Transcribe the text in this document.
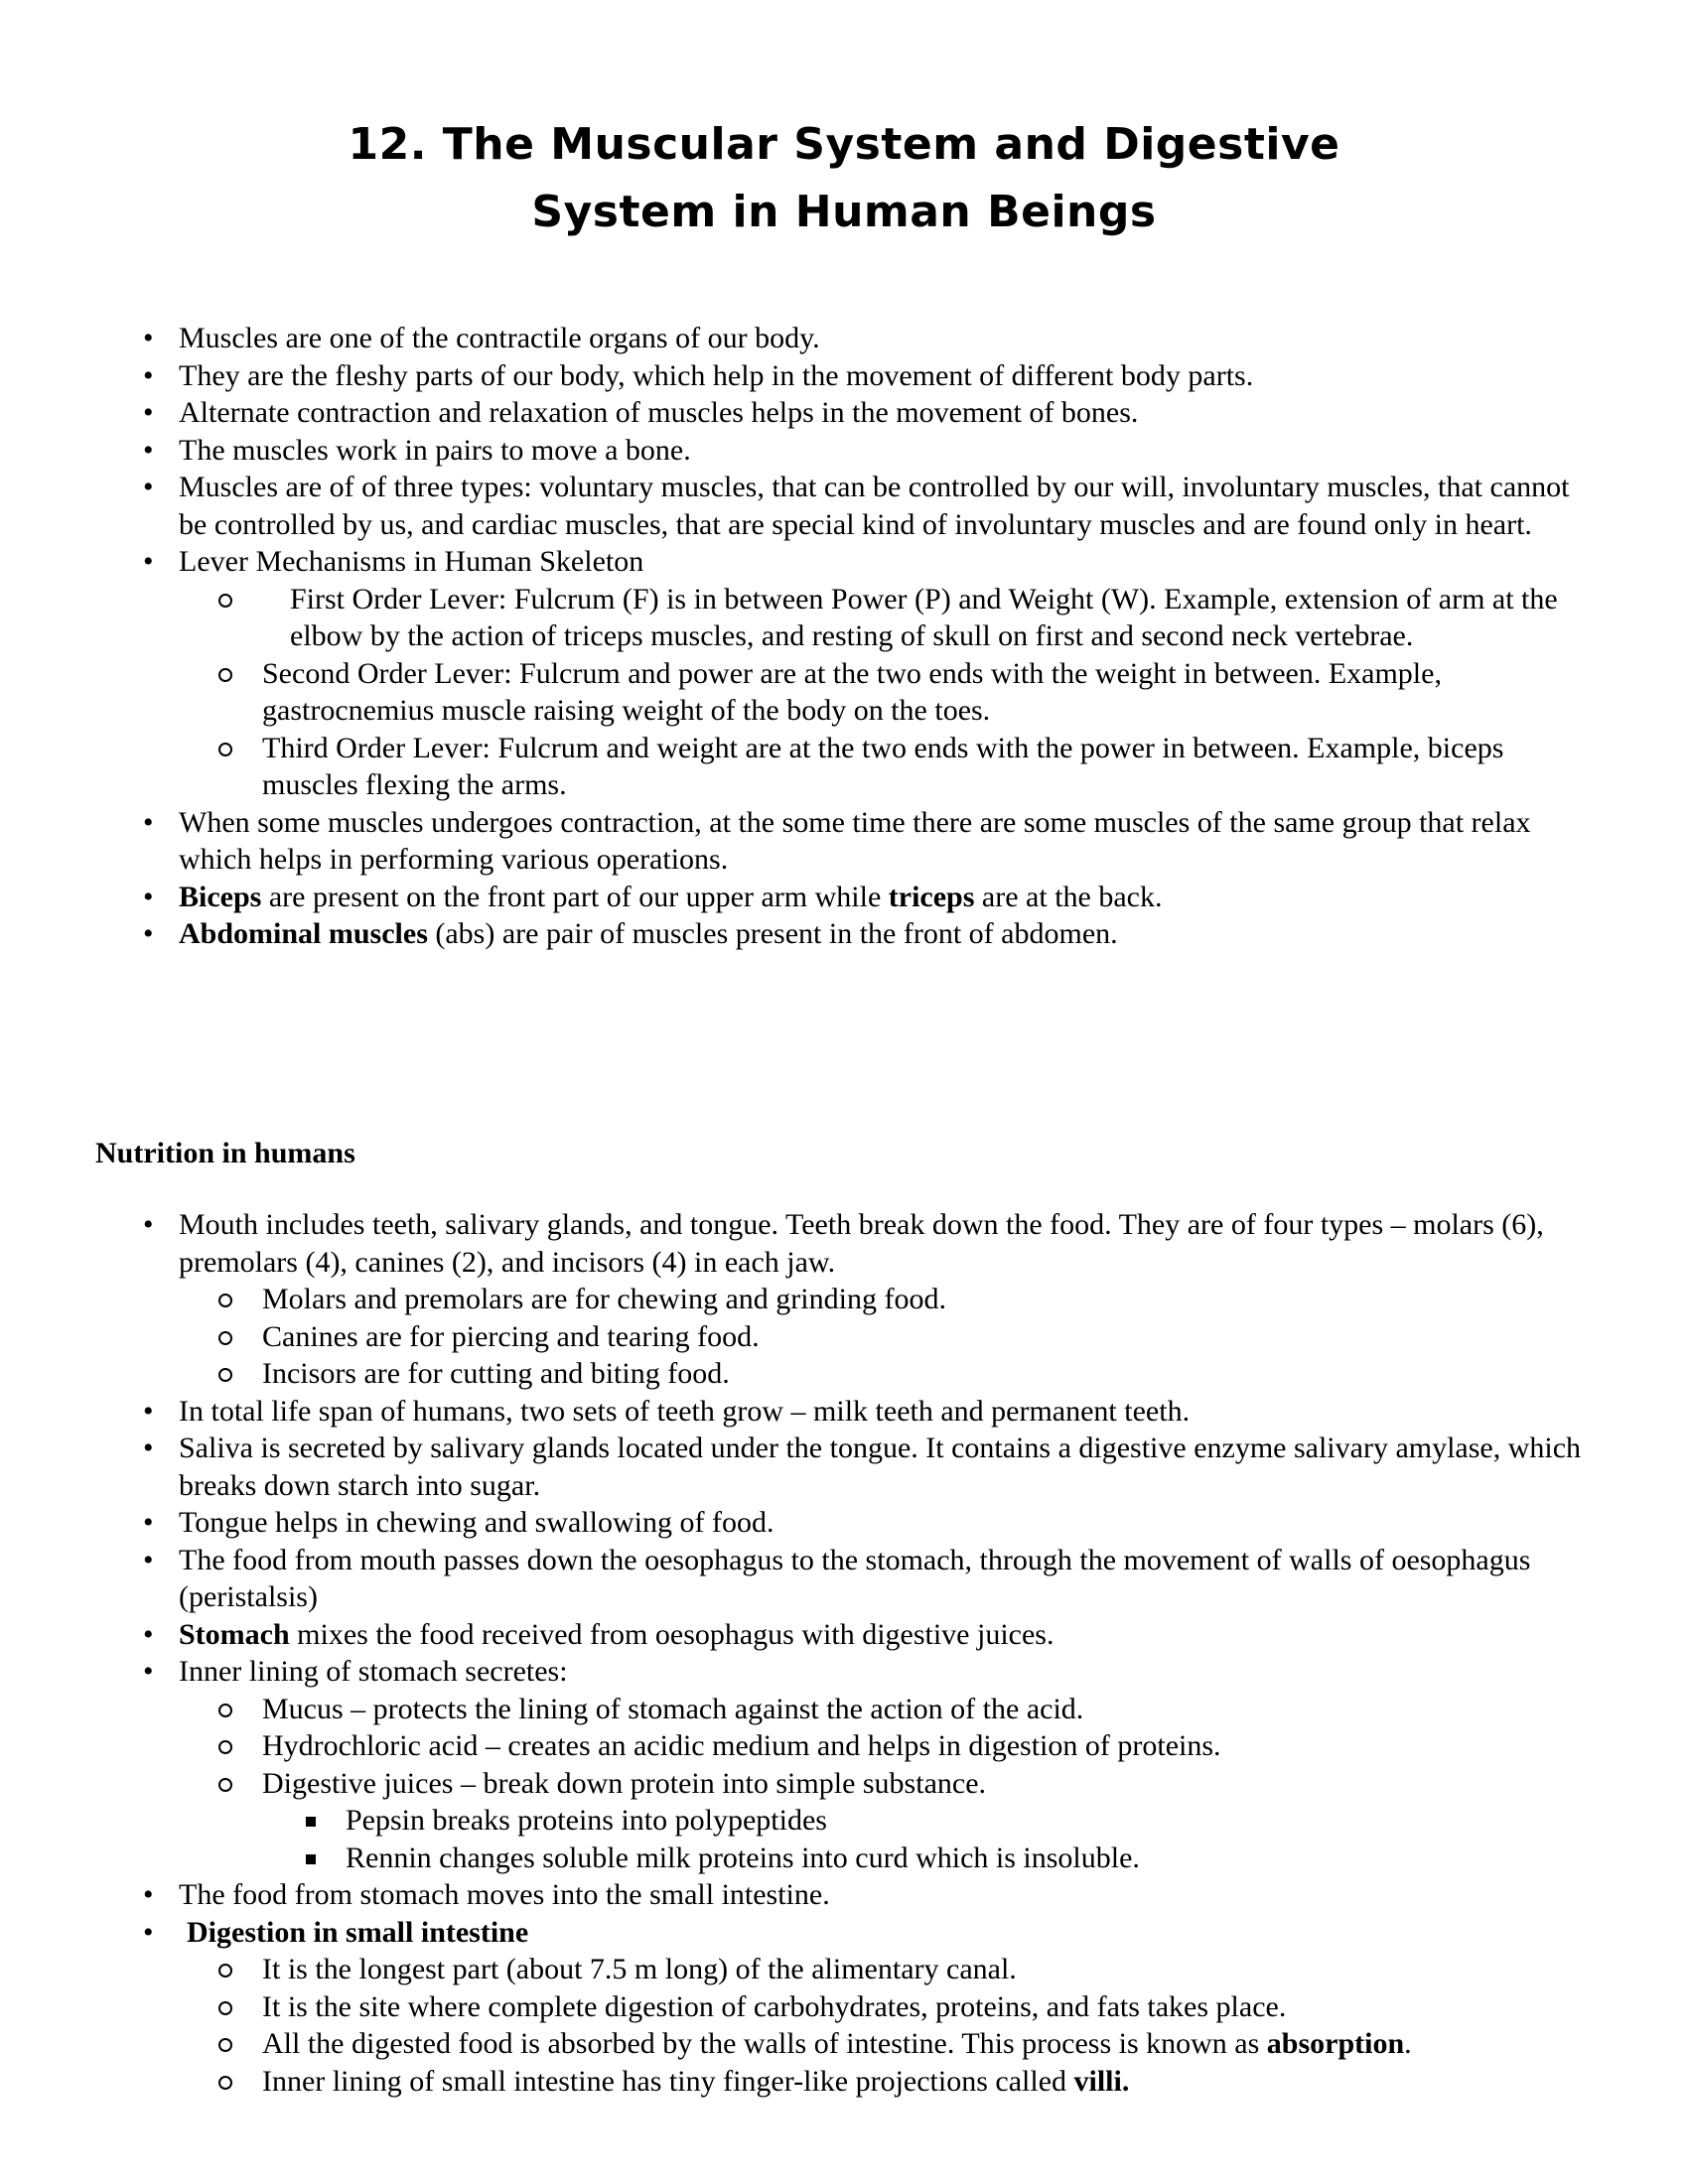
12. The Muscular System and Digestive
System in Human Beings
• Muscles are one of the contractile organs of our body.
• They are the fleshy parts of our body, which help in the movement of different body parts.
• Alternate contraction and relaxation of muscles helps in the movement of bones.
• The muscles work in pairs to move a bone.
• Muscles are of of three types: voluntary muscles, that can be controlled by our will, involuntary muscles, that cannot be controlled by us, and cardiac muscles, that are special kind of involuntary muscles and are found only in heart.
• Lever Mechanisms in Human Skeleton
First Order Lever: Fulcrum (F) is in between Power (P) and Weight (W). Example, extension of arm at the elbow by the action of triceps muscles, and resting of skull on first and second neck vertebrae.
Second Order Lever: Fulcrum and power are at the two ends with the weight in between. Example, gastrocnemius muscle raising weight of the body on the toes.
Third Order Lever: Fulcrum and weight are at the two ends with the power in between. Example, biceps muscles flexing the arms.
• When some muscles undergoes contraction, at the some time there are some muscles of the same group that relax which helps in performing various operations.
• Biceps are present on the front part of our upper arm while triceps are at the back.
• Abdominal muscles (abs) are pair of muscles present in the front of abdomen.
Nutrition in humans
• Mouth includes teeth, salivary glands, and tongue. Teeth break down the food. They are of four types – molars (6), premolars (4), canines (2), and incisors (4) in each jaw.
Molars and premolars are for chewing and grinding food.
Canines are for piercing and tearing food.
Incisors are for cutting and biting food.
• In total life span of humans, two sets of teeth grow – milk teeth and permanent teeth.
• Saliva is secreted by salivary glands located under the tongue. It contains a digestive enzyme salivary amylase, which breaks down starch into sugar.
• Tongue helps in chewing and swallowing of food.
• The food from mouth passes down the oesophagus to the stomach, through the movement of walls of oesophagus (peristalsis)
• Stomach mixes the food received from oesophagus with digestive juices.
• Inner lining of stomach secretes:
Mucus – protects the lining of stomach against the action of the acid.
Hydrochloric acid – creates an acidic medium and helps in digestion of proteins.
Digestive juices – break down protein into simple substance.
Pepsin breaks proteins into polypeptides
Rennin changes soluble milk proteins into curd which is insoluble.
• The food from stomach moves into the small intestine.
• Digestion in small intestine
It is the longest part (about 7.5 m long) of the alimentary canal.
It is the site where complete digestion of carbohydrates, proteins, and fats takes place.
All the digested food is absorbed by the walls of intestine. This process is known as absorption.
Inner lining of small intestine has tiny finger-like projections called villi.
